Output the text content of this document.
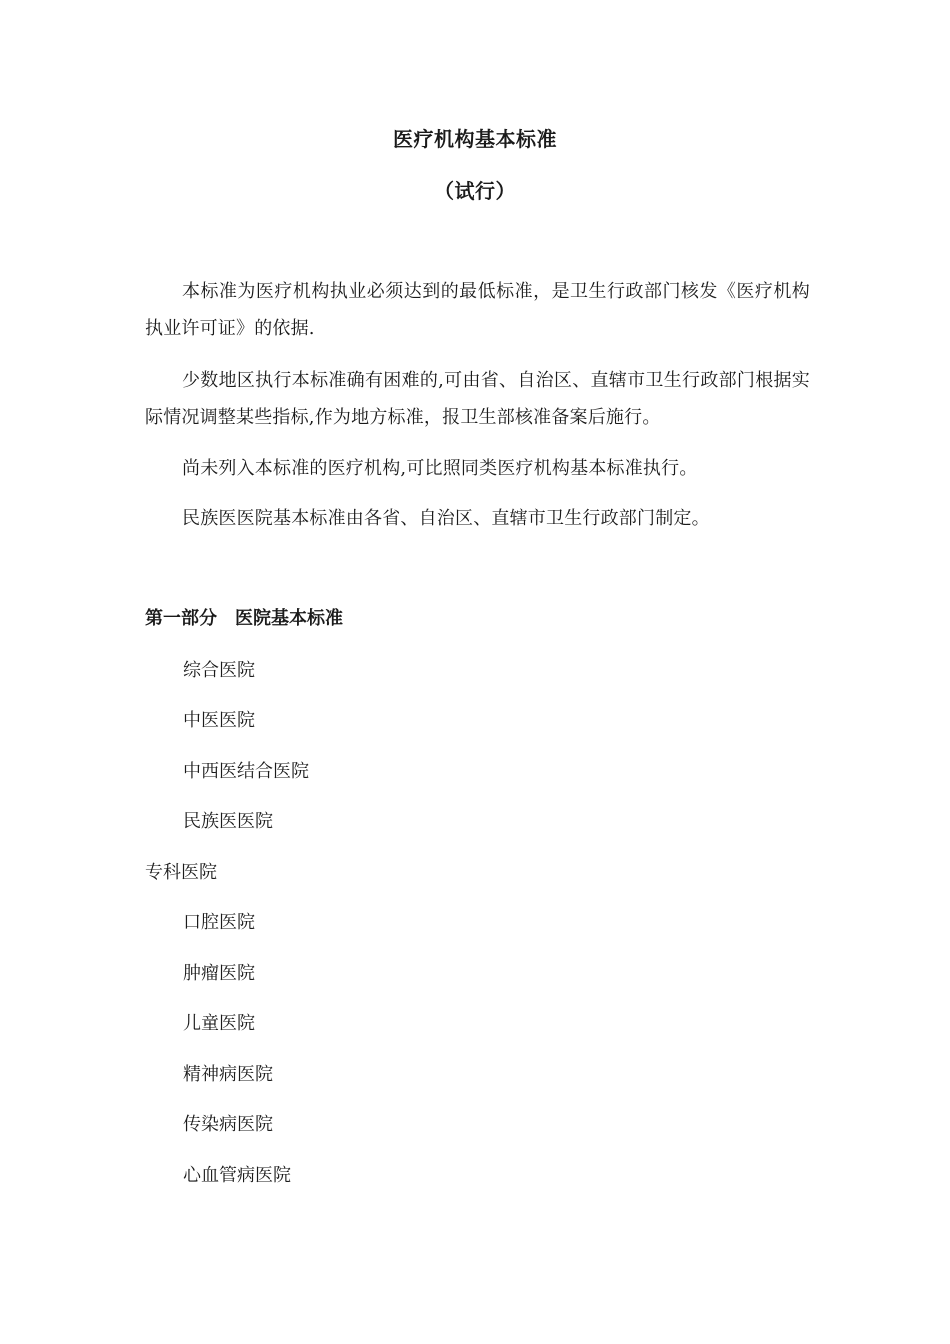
医疗机构基本标准
（试行）
本标准为医疗机构执业必须达到的最低标准，是卫生行政部门核发《医疗机构执业许可证》的依据.
少数地区执行本标准确有困难的,可由省、自治区、直辖市卫生行政部门根据实际情况调整某些指标,作为地方标准，报卫生部核准备案后施行。
尚未列入本标准的医疗机构,可比照同类医疗机构基本标准执行。
民族医医院基本标准由各省、自治区、直辖市卫生行政部门制定。
第一部分　医院基本标准
综合医院
中医医院
中西医结合医院
民族医医院
专科医院
口腔医院
肿瘤医院
儿童医院
精神病医院
传染病医院
心血管病医院
